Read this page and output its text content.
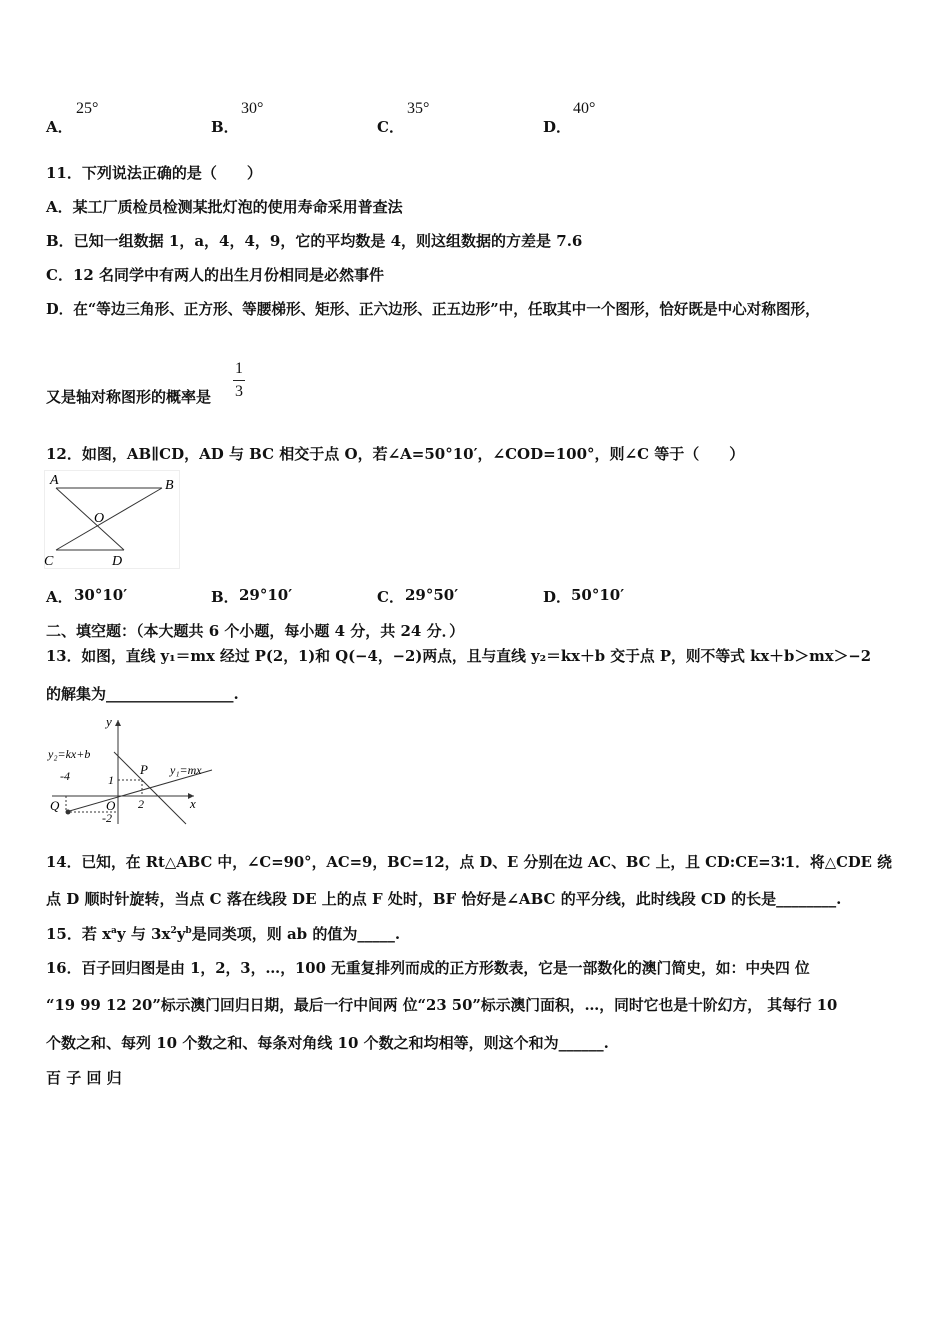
A．
25°
B．
30°
C．
35°
D．
40°
11．下列说法正确的是（　　）
A．某工厂质检员检测某批灯泡的使用寿命采用普查法
B．已知一组数据 1，a，4，4，9，它的平均数是 4，则这组数据的方差是 7.6
C．12 名同学中有两人的出生月份相同是必然事件
D．在“等边三角形、正方形、等腰梯形、矩形、正六边形、正五边形”中，任取其中一个图形，恰好既是中心对称图形，
又是轴对称图形的概率是
1
3
12．如图，AB∥CD，AD 与 BC 相交于点 O，若∠A=50°10′，∠COD=100°，则∠C 等于（　　）
A	B
O
C	D
A． 30°10′	B． 29°10′	C． 29°50′	D． 50°10′
二、填空题：（本大题共 6 个小题，每小题 4 分，共 24 分．）
13．如图，直线 y₁＝mx 经过 P(2，1)和 Q(−4，−2)两点，且与直线 y₂＝kx＋b 交于点 P，则不等式 kx＋b＞mx＞−2
的解集为_________________.
y
x
y₂=kx+b
y₁=mx
P
Q	O
-4	1
2
-2
14．已知，在 Rt△ABC 中，∠C=90°，AC=9，BC=12，点 D、E 分别在边 AC、BC 上，且 CD:CE=3∶1．将△CDE 绕
点 D 顺时针旋转，当点 C 落在线段 DE 上的点 F 处时，BF 恰好是∠ABC 的平分线，此时线段 CD 的长是________.
15．若 $x^ay$ 与 $3x^2y^b$是同类项，则 ab 的值为_____.
16．百子回归图是由 1，2，3，…，100 无重复排列而成的正方形数表，它是一部数化的澳门简史，如：中央四 位
“19 99 12 20”标示澳门回归日期，最后一行中间两 位“23 50”标示澳门面积，…，同时它也是十阶幻方， 其每行 10
个数之和、每列 10 个数之和、每条对角线 10 个数之和均相等，则这个和为______.
百 子 回 归
